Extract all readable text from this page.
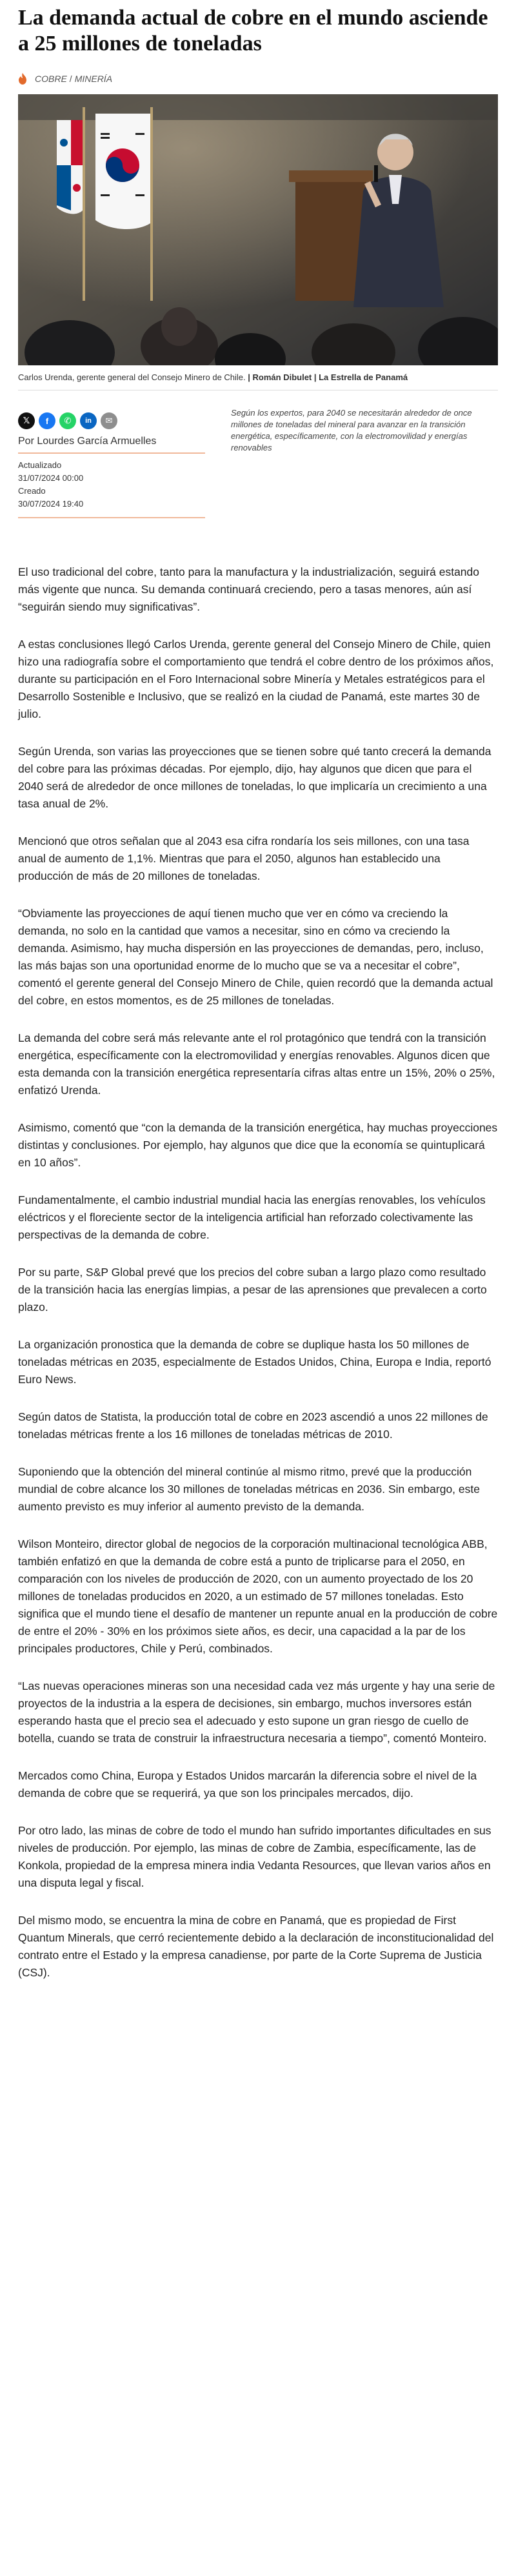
La demanda actual de cobre en el mundo asciende a 25 millones de toneladas
COBRE / MINERÍA

Carlos Urenda, gerente general del Consejo Minero de Chile. | Román Dibulet | La Estrella de Panamá

𝕏	f	✆	in	✉
Por Lourdes García Armuelles
Actualizado
31/07/2024 00:00
Creado
30/07/2024 19:40

Según los expertos, para 2040 se necesitarán alrededor de once millones de toneladas del mineral para avanzar en la transición energética, específicamente, con la electromovilidad y energías renovables

El uso tradicional del cobre, tanto para la manufactura y la industrialización, seguirá estando más vigente que nunca. Su demanda continuará creciendo, pero a tasas menores, aún así “seguirán siendo muy significativas”.

A estas conclusiones llegó Carlos Urenda, gerente general del Consejo Minero de Chile, quien hizo una radiografía sobre el comportamiento que tendrá el cobre dentro de los próximos años, durante su participación en el Foro Internacional sobre Minería y Metales estratégicos para el Desarrollo Sostenible e Inclusivo, que se realizó en la ciudad de Panamá, este martes 30 de julio.

Según Urenda, son varias las proyecciones que se tienen sobre qué tanto crecerá la demanda del cobre para las próximas décadas. Por ejemplo, dijo, hay algunos que dicen que para el 2040 será de alrededor de once millones de toneladas, lo que implicaría un crecimiento a una tasa anual de 2%.

Mencionó que otros señalan que al 2043 esa cifra rondaría los seis millones, con una tasa anual de aumento de 1,1%. Mientras que para el 2050, algunos han establecido una producción de más de 20 millones de toneladas.

“Obviamente las proyecciones de aquí tienen mucho que ver en cómo va creciendo la demanda, no solo en la cantidad que vamos a necesitar, sino en cómo va creciendo la demanda. Asimismo, hay mucha dispersión en las proyecciones de demandas, pero, incluso, las más bajas son una oportunidad enorme de lo mucho que se va a necesitar el cobre”, comentó el gerente general del Consejo Minero de Chile, quien recordó que la demanda actual del cobre, en estos momentos, es de 25 millones de toneladas.

La demanda del cobre será más relevante ante el rol protagónico que tendrá con la transición energética, específicamente con la electromovilidad y energías renovables. Algunos dicen que esta demanda con la transición energética representaría cifras altas entre un 15%, 20% o 25%, enfatizó Urenda.

Asimismo, comentó que “con la demanda de la transición energética, hay muchas proyecciones distintas y conclusiones. Por ejemplo, hay algunos que dice que la economía se quintuplicará en 10 años”.

Fundamentalmente, el cambio industrial mundial hacia las energías renovables, los vehículos eléctricos y el floreciente sector de la inteligencia artificial han reforzado colectivamente las perspectivas de la demanda de cobre.

Por su parte, S&P Global prevé que los precios del cobre suban a largo plazo como resultado de la transición hacia las energías limpias, a pesar de las aprensiones que prevalecen a corto plazo.

La organización pronostica que la demanda de cobre se duplique hasta los 50 millones de toneladas métricas en 2035, especialmente de Estados Unidos, China, Europa e India, reportó Euro News.

Según datos de Statista, la producción total de cobre en 2023 ascendió a unos 22 millones de toneladas métricas frente a los 16 millones de toneladas métricas de 2010.

Suponiendo que la obtención del mineral continúe al mismo ritmo, prevé que la producción mundial de cobre alcance los 30 millones de toneladas métricas en 2036. Sin embargo, este aumento previsto es muy inferior al aumento previsto de la demanda.

Wilson Monteiro, director global de negocios de la corporación multinacional tecnológica ABB, también enfatizó en que la demanda de cobre está a punto de triplicarse para el 2050, en comparación con los niveles de producción de 2020, con un aumento proyectado de los 20 millones de toneladas producidos en 2020, a un estimado de 57 millones toneladas. Esto significa que el mundo tiene el desafío de mantener un repunte anual en la producción de cobre de entre el 20% - 30% en los próximos siete años, es decir, una capacidad a la par de los principales productores, Chile y Perú, combinados.

“Las nuevas operaciones mineras son una necesidad cada vez más urgente y hay una serie de proyectos de la industria a la espera de decisiones, sin embargo, muchos inversores están esperando hasta que el precio sea el adecuado y esto supone un gran riesgo de cuello de botella, cuando se trata de construir la infraestructura necesaria a tiempo”, comentó Monteiro.

Mercados como China, Europa y Estados Unidos marcarán la diferencia sobre el nivel de la demanda de cobre que se requerirá, ya que son los principales mercados, dijo.

Por otro lado, las minas de cobre de todo el mundo han sufrido importantes dificultades en sus niveles de producción. Por ejemplo, las minas de cobre de Zambia, específicamente, las de Konkola, propiedad de la empresa minera india Vedanta Resources, que llevan varios años en una disputa legal y fiscal.

Del mismo modo, se encuentra la mina de cobre en Panamá, que es propiedad de First Quantum Minerals, que cerró recientemente debido a la declaración de inconstitucionalidad del contrato entre el Estado y la empresa canadiense, por parte de la Corte Suprema de Justicia (CSJ).
